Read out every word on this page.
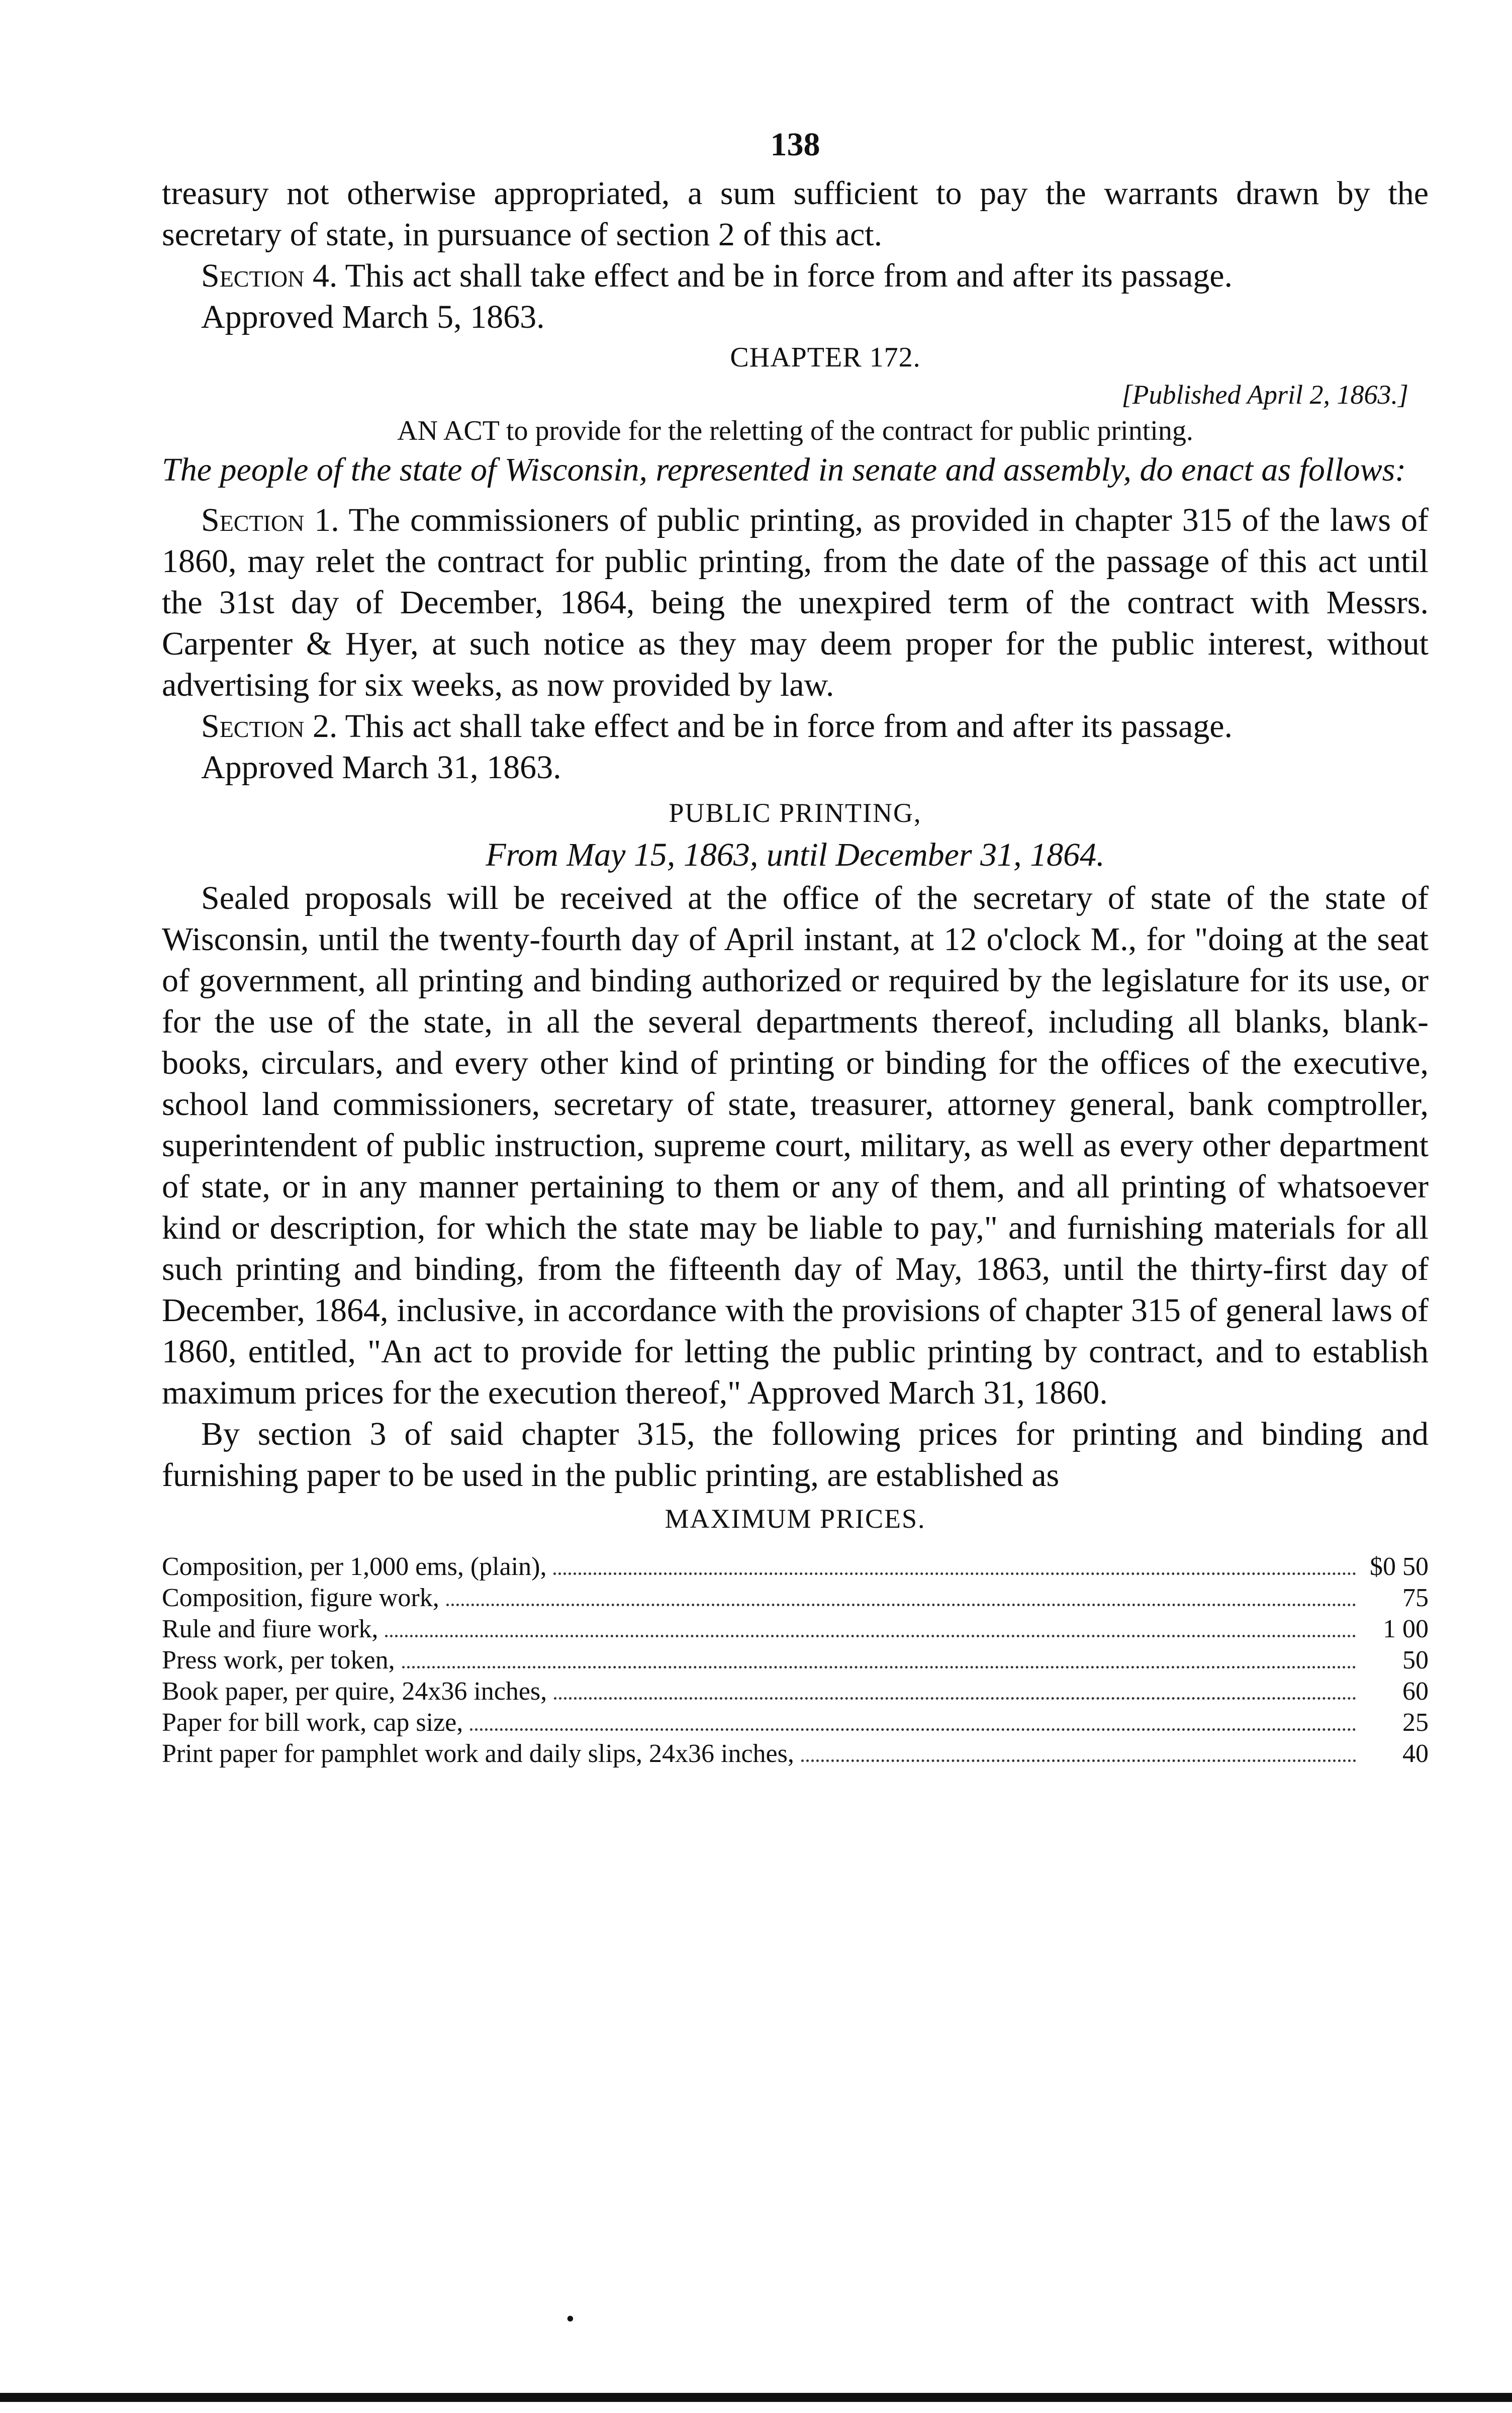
138

treasury not otherwise appropriated, a sum sufficient to pay the warrants drawn by the secretary of state, in pursuance of section 2 of this act.

Section 4. This act shall take effect and be in force from and after its passage.

Approved March 5, 1863.

CHAPTER 172.

[Published April 2, 1863.]

AN ACT to provide for the reletting of the contract for public printing.

The people of the state of Wisconsin, represented in senate and assembly, do enact as follows:

Section 1. The commissioners of public printing, as provided in chapter 315 of the laws of 1860, may relet the contract for public printing, from the date of the passage of this act until the 31st day of December, 1864, being the unexpired term of the contract with Messrs. Carpenter & Hyer, at such notice as they may deem proper for the public interest, without advertising for six weeks, as now provided by law.

Section 2. This act shall take effect and be in force from and after its passage.

Approved March 31, 1863.

PUBLIC PRINTING,

From May 15, 1863, until December 31, 1864.

Sealed proposals will be received at the office of the secretary of state of the state of Wisconsin, until the twenty-fourth day of April instant, at 12 o'clock M., for "doing at the seat of government, all printing and binding authorized or required by the legislature for its use, or for the use of the state, in all the several departments thereof, including all blanks, blank-books, circulars, and every other kind of printing or binding for the offices of the executive, school land commissioners, secretary of state, treasurer, attorney general, bank comptroller, superintendent of public instruction, supreme court, military, as well as every other department of state, or in any manner pertaining to them or any of them, and all printing of whatsoever kind or description, for which the state may be liable to pay," and furnishing materials for all such printing and binding, from the fifteenth day of May, 1863, until the thirty-first day of December, 1864, inclusive, in accordance with the provisions of chapter 315 of general laws of 1860, entitled, "An act to provide for letting the public printing by contract, and to establish maximum prices for the execution thereof," Approved March 31, 1860.

By section 3 of said chapter 315, the following prices for printing and binding and furnishing paper to be used in the public printing, are established as

MAXIMUM PRICES.

Composition, per 1,000 ems, (plain),	$0 50
Composition, figure work,	75
Rule and fiure work,	1 00
Press work, per token,	50
Book paper, per quire, 24x36 inches,	60
Paper for bill work, cap size,	25
Print paper for pamphlet work and daily slips, 24x36 inches,	40
•
